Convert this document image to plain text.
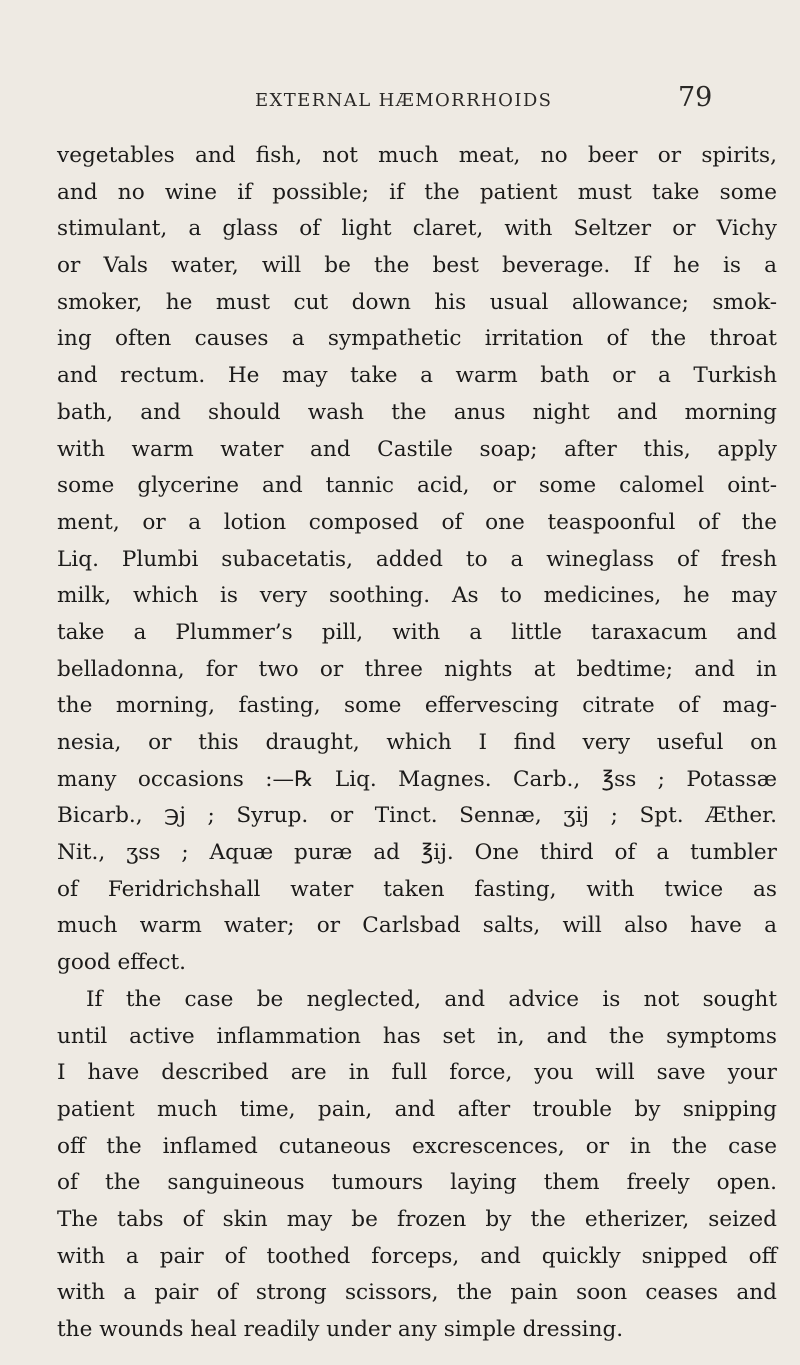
EXTERNAL HÆMORRHOIDS	79
vegetables and fish, not much meat, no beer or spirits,
and no wine if possible; if the patient must take some
stimulant, a glass of light claret, with Seltzer or Vichy
or Vals water, will be the best beverage. If he is a
smoker, he must cut down his usual allowance; smok-
ing often causes a sympathetic irritation of the throat
and rectum. He may take a warm bath or a Turkish
bath, and should wash the anus night and morning
with warm water and Castile soap; after this, apply
some glycerine and tannic acid, or some calomel oint-
ment, or a lotion composed of one teaspoonful of the
Liq. Plumbi subacetatis, added to a wineglass of fresh
milk, which is very soothing. As to medicines, he may
take a Plummer’s pill, with a little taraxacum and
belladonna, for two or three nights at bedtime; and in
the morning, fasting, some effervescing citrate of mag-
nesia, or this draught, which I find very useful on
many occasions :—℞ Liq. Magnes. Carb., ℥ss ; Potassæ
Bicarb., ℈j ; Syrup. or Tinct. Sennæ, ʒij ; Spt. Æther.
Nit., ʒss ; Aquæ puræ ad ℥ij. One third of a tumbler
of Feridrichshall water taken fasting, with twice as
much warm water; or Carlsbad salts, will also have a
good effect.
If the case be neglected, and advice is not sought
until active inflammation has set in, and the symptoms
I have described are in full force, you will save your
patient much time, pain, and after trouble by snipping
off the inflamed cutaneous excrescences, or in the case
of the sanguineous tumours laying them freely open.
The tabs of skin may be frozen by the etherizer, seized
with a pair of toothed forceps, and quickly snipped off
with a pair of strong scissors, the pain soon ceases and
the wounds heal readily under any simple dressing.
